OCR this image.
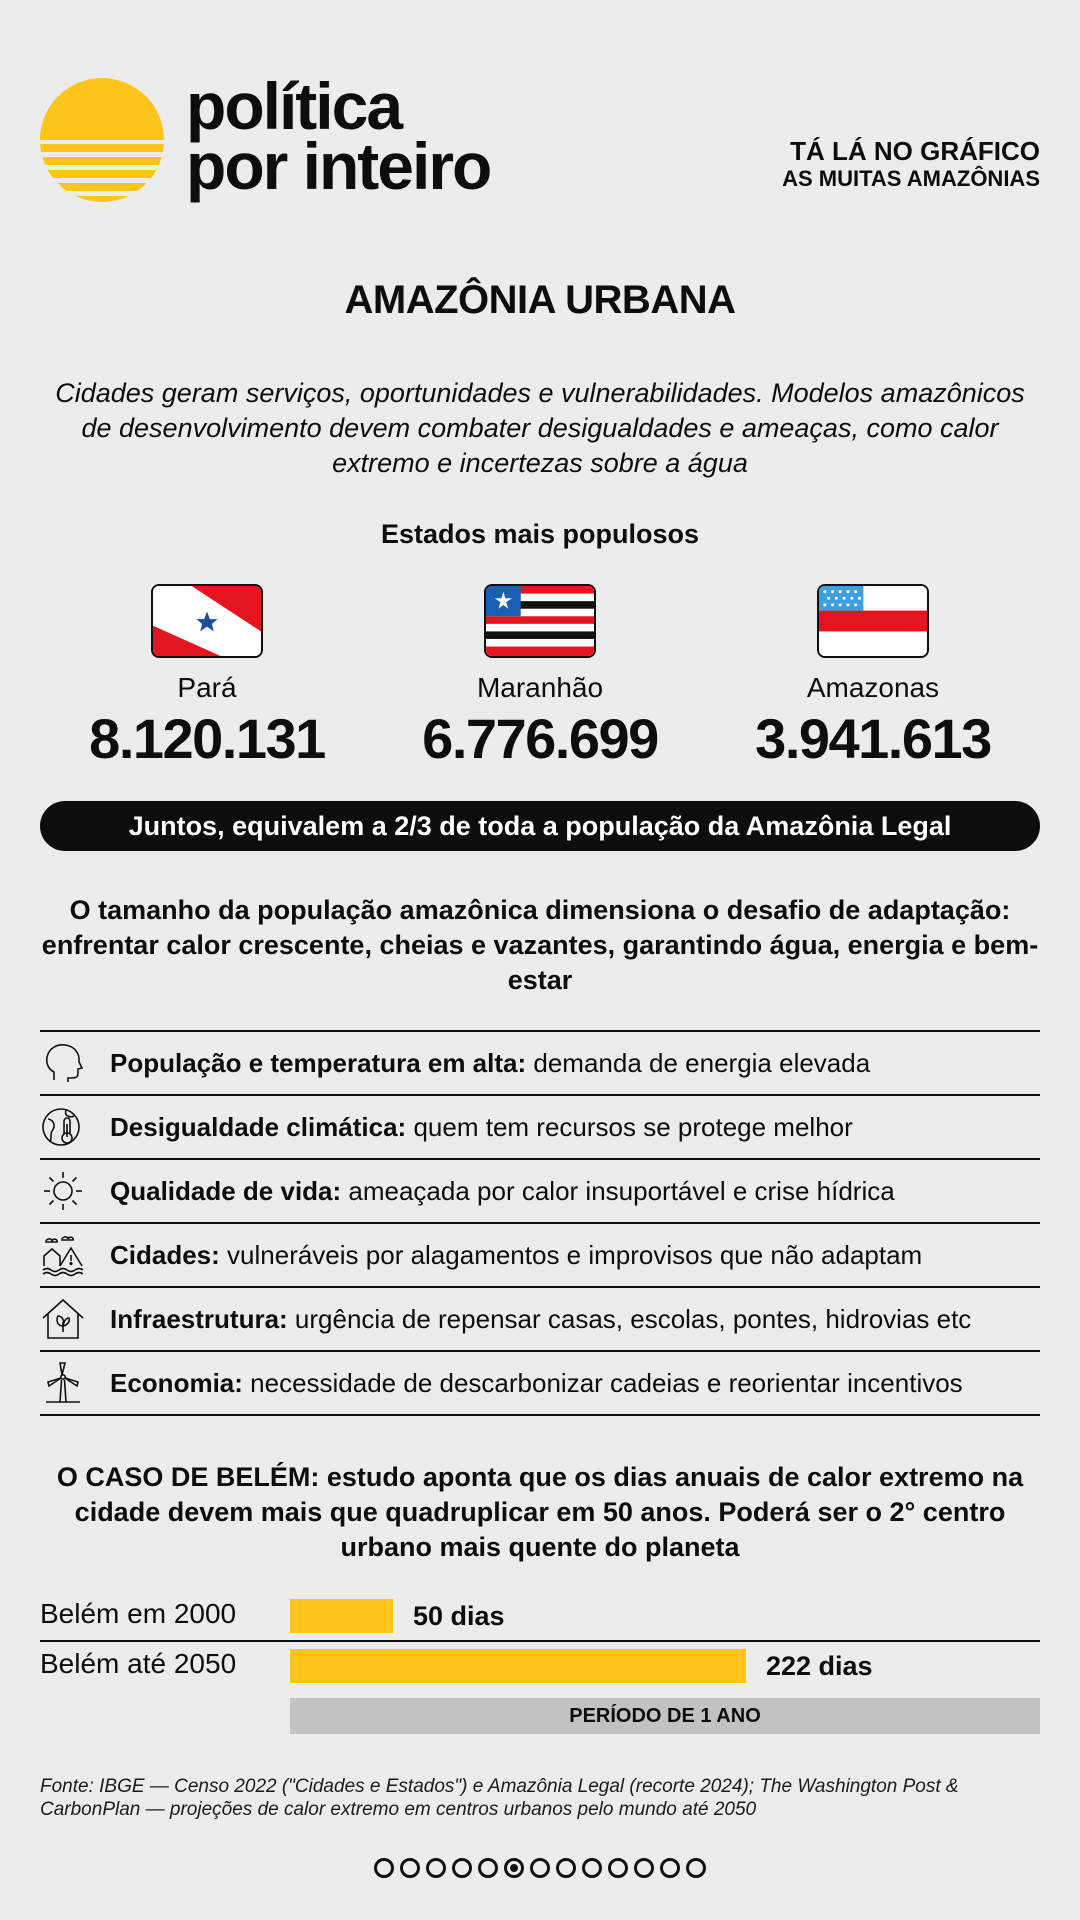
política
por inteiro	TÁ LÁ NO GRÁFICO
AS MUITAS AMAZÔNIAS
AMAZÔNIA URBANA
Cidades geram serviços, oportunidades e vulnerabilidades. Modelos amazônicos de desenvolvimento devem combater desigualdades e ameaças, como calor extremo e incertezas sobre a água
Estados mais populosos
Pará
8.120.131
Maranhão
6.776.699
Amazonas
3.941.613
Juntos, equivalem a 2/3 de toda a população da Amazônia Legal
O tamanho da população amazônica dimensiona o desafio de adaptação: enfrentar calor crescente, cheias e vazantes, garantindo água, energia e bem-estar
População e temperatura em alta: demanda de energia elevada
Desigualdade climática: quem tem recursos se protege melhor
Qualidade de vida: ameaçada por calor insuportável e crise hídrica
Cidades: vulneráveis por alagamentos e improvisos que não adaptam
Infraestrutura: urgência de repensar casas, escolas, pontes, hidrovias etc
Economia: necessidade de descarbonizar cadeias e reorientar incentivos
O CASO DE BELÉM: estudo aponta que os dias anuais de calor extremo na cidade devem mais que quadruplicar em 50 anos. Poderá ser o 2° centro urbano mais quente do planeta
Belém em 2000	50 dias
Belém até 2050	222 dias
PERÍODO DE 1 ANO
Fonte: IBGE — Censo 2022 ("Cidades e Estados") e Amazônia Legal (recorte 2024); The Washington Post & CarbonPlan — projeções de calor extremo em centros urbanos pelo mundo até 2050
